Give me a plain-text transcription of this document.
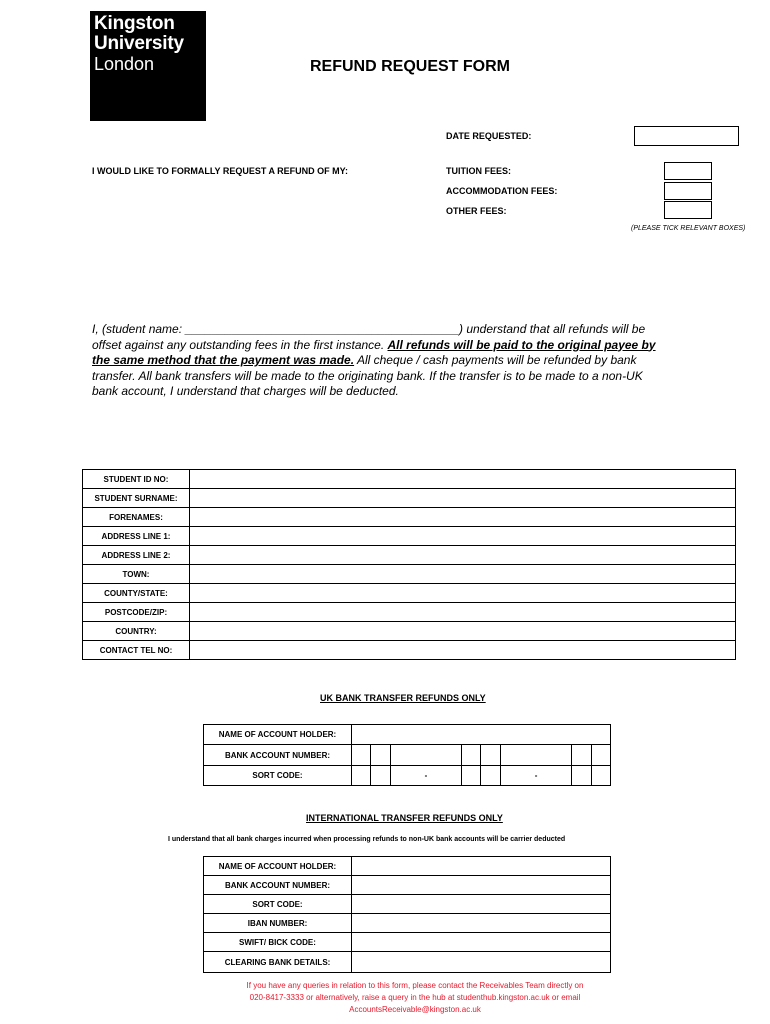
Kingston
University
London	REFUND REQUEST FORM
DATE REQUESTED:
I WOULD LIKE TO FORMALLY REQUEST A REFUND OF MY:	TUITION FEES:
ACCOMMODATION FEES:
OTHER FEES:
(PLEASE TICK RELEVANT BOXES)
I, (student name: _________________________________________) understand that all refunds will be offset against any outstanding fees in the first instance. All refunds will be paid to the original payee by the same method that the payment was made. All cheque / cash payments will be refunded by bank transfer. All bank transfers will be made to the originating bank. If the transfer is to be made to a non-UK bank account, I understand that charges will be deducted.
STUDENT ID NO:	
STUDENT SURNAME:	
FORENAMES:	
ADDRESS LINE 1:	
ADDRESS LINE 2:	
TOWN:	
COUNTY/STATE:	
POSTCODE/ZIP:	
COUNTRY:	
CONTACT TEL NO:	
UK BANK TRANSFER REFUNDS ONLY
NAME OF ACCOUNT HOLDER:								
BANK ACCOUNT NUMBER:								
SORT CODE:			-			-		
INTERNATIONAL TRANSFER REFUNDS ONLY
I understand that all bank charges incurred when processing refunds to non-UK bank accounts will be carrier deducted
NAME OF ACCOUNT HOLDER:	
BANK ACCOUNT NUMBER:	
SORT CODE:	
IBAN NUMBER:	
SWIFT/ BICK CODE:	
CLEARING BANK DETAILS:	
If you have any queries in relation to this form, please contact the Receivables Team directly on
020-8417-3333 or alternatively, raise a query in the hub at studenthub.kingston.ac.uk or email
AccountsReceivable@kingston.ac.uk
